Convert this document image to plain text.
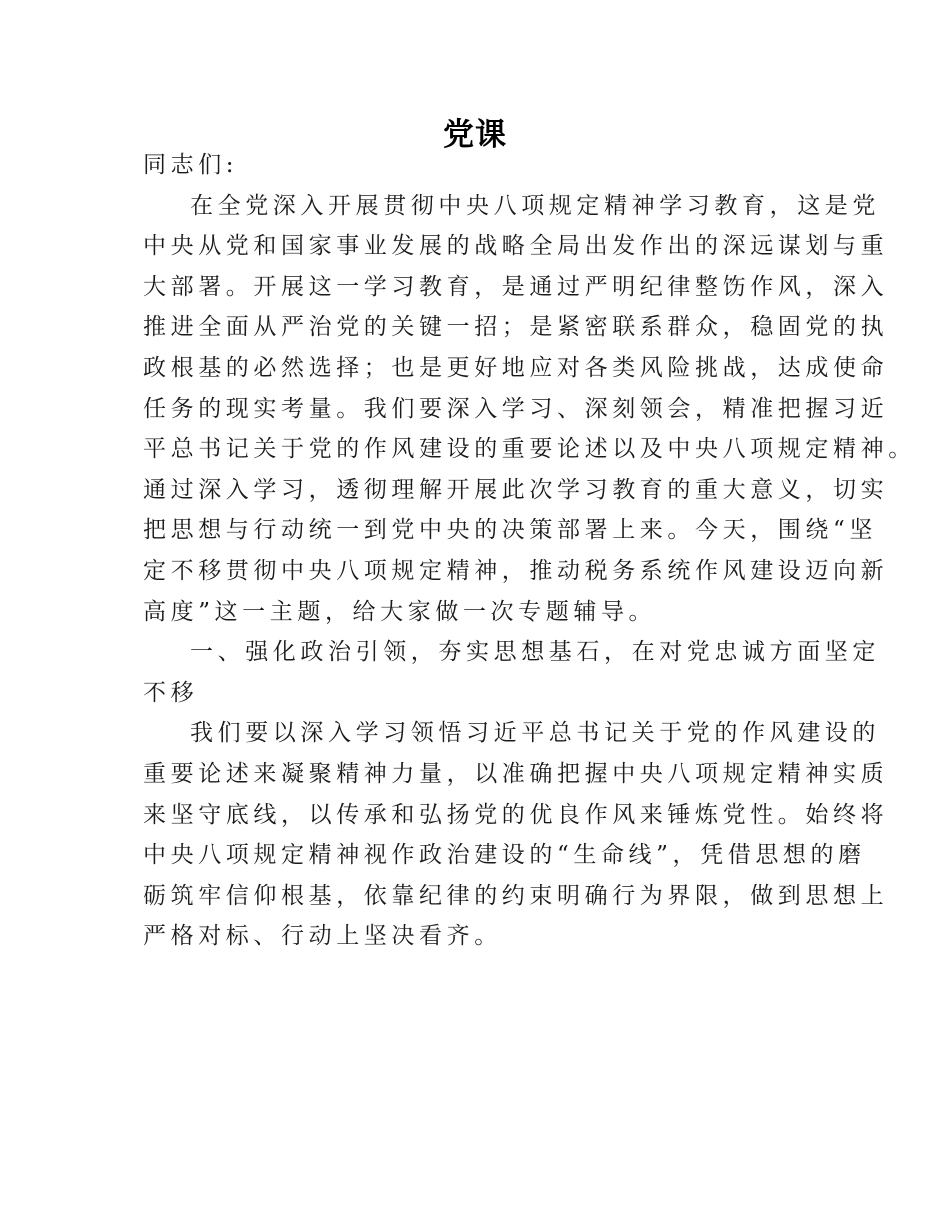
党课
同志们:
在全党深入开展贯彻中央八项规定精神学习教育，这是党
中央从党和国家事业发展的战略全局出发作出的深远谋划与重
大部署。开展这一学习教育，是通过严明纪律整饬作风，深入
推进全面从严治党的关键一招；是紧密联系群众，稳固党的执
政根基的必然选择；也是更好地应对各类风险挑战，达成使命
任务的现实考量。我们要深入学习、深刻领会，精准把握习近
平总书记关于党的作风建设的重要论述以及中央八项规定精神。
通过深入学习，透彻理解开展此次学习教育的重大意义，切实
把思想与行动统一到党中央的决策部署上来。今天，围绕“坚
定不移贯彻中央八项规定精神，推动税务系统作风建设迈向新
高度”这一主题，给大家做一次专题辅导。
一、强化政治引领，夯实思想基石，在对党忠诚方面坚定
不移
我们要以深入学习领悟习近平总书记关于党的作风建设的
重要论述来凝聚精神力量，以准确把握中央八项规定精神实质
来坚守底线，以传承和弘扬党的优良作风来锤炼党性。始终将
中央八项规定精神视作政治建设的“生命线”，凭借思想的磨
砺筑牢信仰根基，依靠纪律的约束明确行为界限，做到思想上
严格对标、行动上坚决看齐。
